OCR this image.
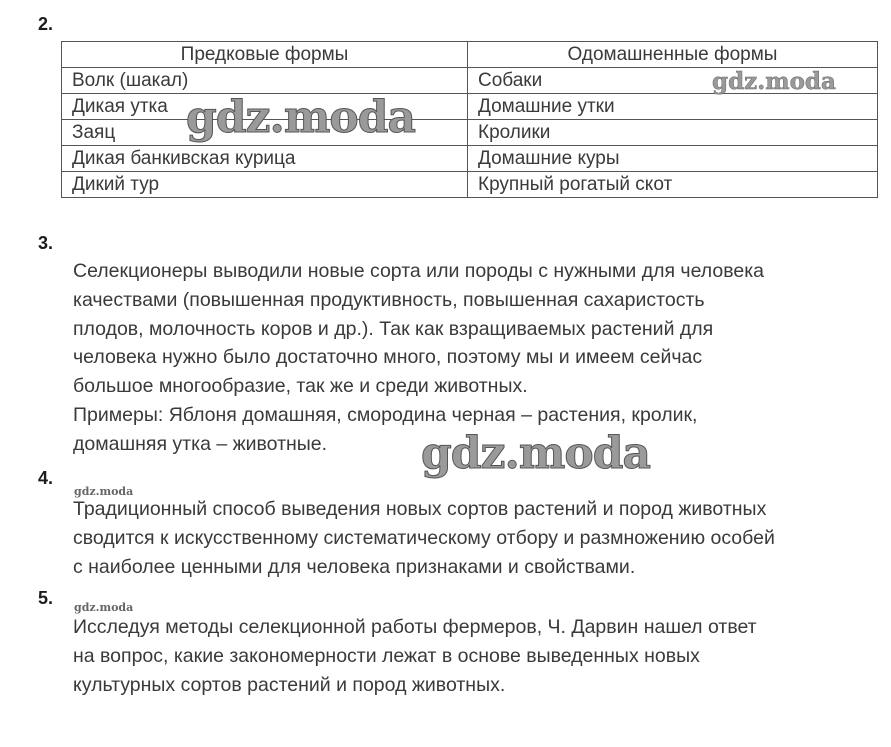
2.
Предковые формы	Одомашненные формы
Волк (шакал)	Собаки
Дикая утка	Домашние утки
Заяц	Кролики
Дикая банкивская курица	Домашние куры
Дикий тур	Крупный рогатый скот
3.
Селекционеры выводили новые сорта или породы с нужными для человека
качествами (повышенная продуктивность, повышенная сахаристость
плодов, молочность коров и др.). Так как взращиваемых растений для
человека нужно было достаточно много, поэтому мы и имеем сейчас
большое многообразие, так же и среди животных.
Примеры: Яблоня домашняя, смородина черная – растения, кролик,
домашняя утка – животные.
4.
Традиционный способ выведения новых сортов растений и пород животных
сводится к искусственному систематическому отбору и размножению особей
с наиболее ценными для человека признаками и свойствами.
5.
Исследуя методы селекционной работы фермеров, Ч. Дарвин нашел ответ
на вопрос, какие закономерности лежат в основе выведенных новых
культурных сортов растений и пород животных.
gdz.moda
gdz.moda
gdz.moda
gdz.moda
gdz.moda
